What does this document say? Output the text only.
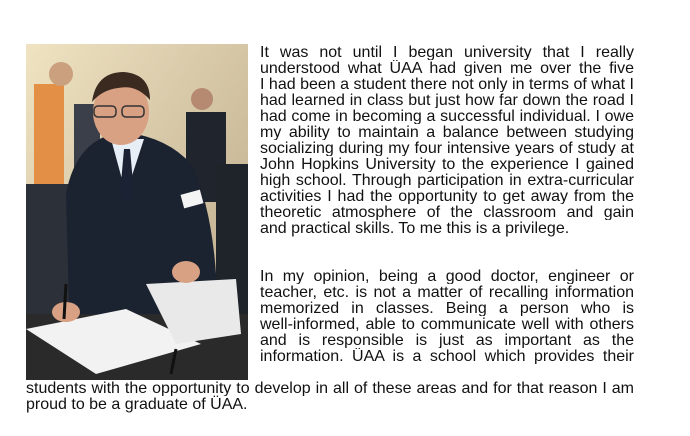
It was not until I began university that I really
understood what ÜAA had given me over the five
I had been a student there not only in terms of what I
had learned in class but just how far down the road I
had come in becoming a successful individual. I owe
my ability to maintain a balance between studying
socializing during my four intensive years of study at
John Hopkins University to the experience I gained
high school. Through participation in extra-curricular
activities I had the opportunity to get away from the
theoretic atmosphere of the classroom and gain
and practical skills. To me this is a privilege.
In my opinion, being a good doctor, engineer or
teacher, etc. is not a matter of recalling information
memorized in classes. Being a person who is
well-informed, able to communicate well with others
and is responsible is just as important as the
information. ÜAA is a school which provides their
students with the opportunity to develop in all of these areas and for that reason I am
proud to be a graduate of ÜAA.
